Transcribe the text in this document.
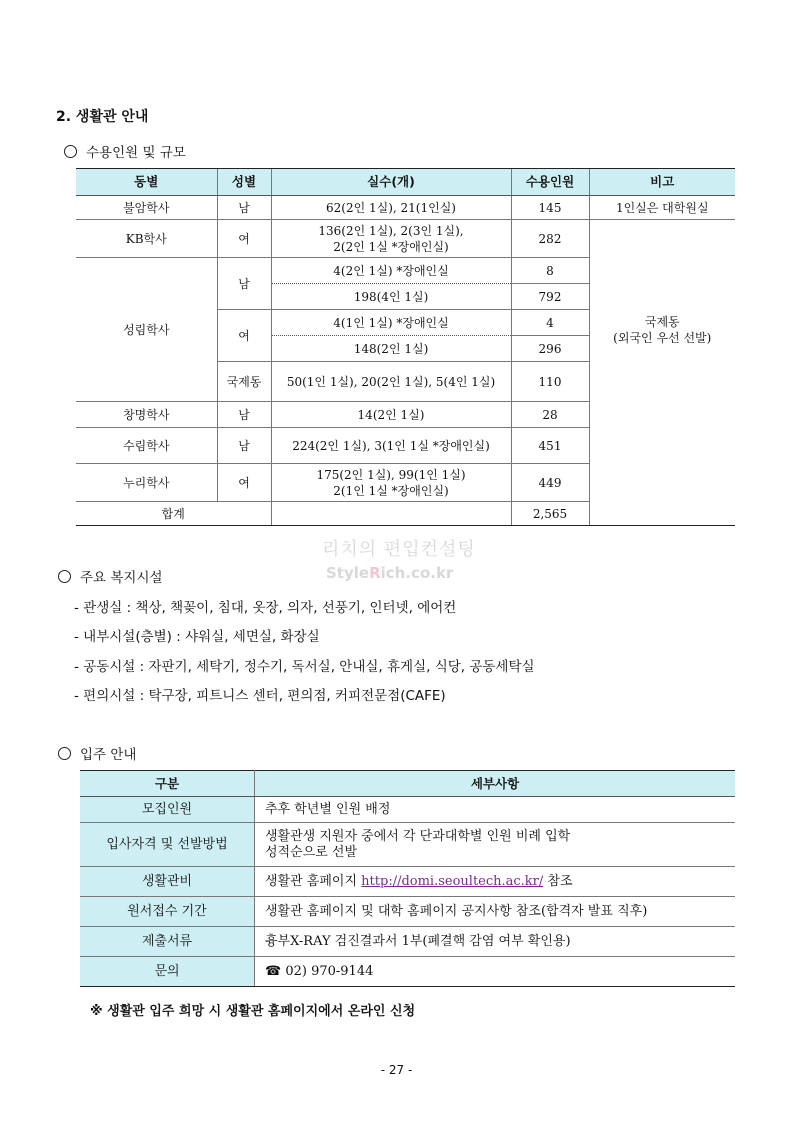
2. 생활관 안내
수용인원 및 규모
동별	성별	실수(개)	수용인원	비고
불암학사	남	62(2인 1실), 21(1인실)	145	1인실은 대학원실
KB학사	여	136(2인 1실), 2(3인 1실),
2(2인 1실 *장애인실)	282	
성림학사	남	4(2인 1실) *장애인실	8	국제동
(외국인 우선 선발)

		198(4인 1실)	792	
	여	4(1인 1실) *장애인실	4	
		148(2인 1실)	296	
	국제동	50(1인 1실), 20(2인 1실), 5(4인 1실)	110	
창명학사	남	14(2인 1실)	28	
수림학사	남	224(2인 1실), 3(1인 1실 *장애인실)	451	
누리학사	여	175(2인 1실), 99(1인 1실)
2(1인 1실 *장애인실)	449	
합계			2,565	
리치의 편입컨설팅
StyleRich.co.kr
주요 복지시설
- 관생실 : 책상, 책꽂이, 침대, 옷장, 의자, 선풍기, 인터넷, 에어컨
- 내부시설(층별) : 샤워실, 세면실, 화장실
- 공동시설 : 자판기, 세탁기, 정수기, 독서실, 안내실, 휴게실, 식당, 공동세탁실
- 편의시설 : 탁구장, 피트니스 센터, 편의점, 커피전문점(CAFE)
입주 안내
구분	세부사항
모집인원	추후 학년별 인원 배정
입사자격 및 선발방법	생활관생 지원자 중에서 각 단과대학별 인원 비례 입학
성적순으로 선발

생활관비	생활관 홈페이지 http://domi.seoultech.ac.kr/ 참조
원서접수 기간	생활관 홈페이지 및 대학 홈페이지 공지사항 참조(합격자 발표 직후)
제출서류	흉부X-RAY 검진결과서 1부(폐결핵 감염 여부 확인용)
문의	☎ 02) 970-9144
※ 생활관 입주 희망 시 생활관 홈페이지에서 온라인 신청
- 27 -
